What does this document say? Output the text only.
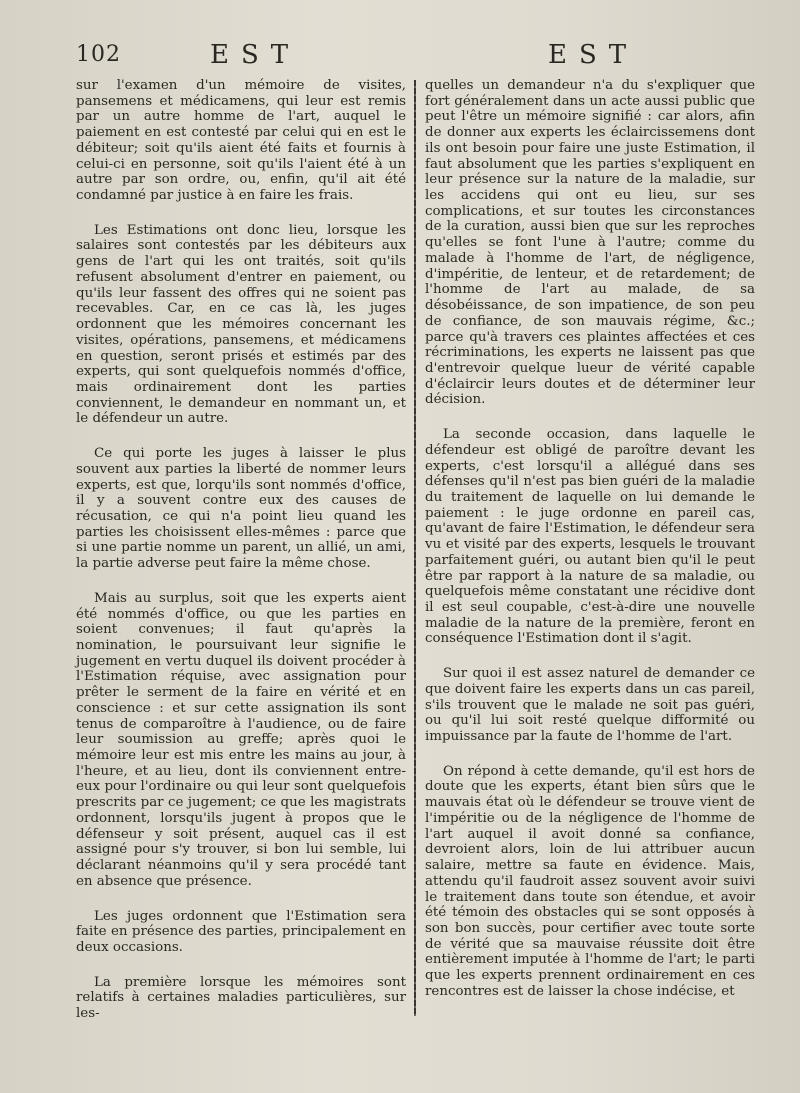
102	EST	EST

sur l'examen d'un mémoire de visites, pansemens et médicamens, qui leur est remis par un autre homme de l'art, auquel le paiement en est contesté par celui qui en est le débiteur; soit qu'ils aient été faits et fournis à celui-ci en personne, soit qu'ils l'aient été à un autre par son ordre, ou, enfin, qu'il ait été condamné par justice à en faire les frais.

Les Estimations ont donc lieu, lorsque les salaires sont contestés par les débiteurs aux gens de l'art qui les ont traités, soit qu'ils refusent absolument d'entrer en paiement, ou qu'ils leur fassent des offres qui ne soient pas recevables. Car, en ce cas là, les juges ordonnent que les mémoires concernant les visites, opérations, pansemens, et médicamens en question, seront prisés et estimés par des experts, qui sont quelquefois nommés d'office, mais ordinairement dont les parties conviennent, le demandeur en nommant un, et le défendeur un autre.

Ce qui porte les juges à laisser le plus souvent aux parties la liberté de nommer leurs experts, est que, lorqu'ils sont nommés d'office, il y a souvent contre eux des causes de récusation, ce qui n'a point lieu quand les parties les choisissent elles-mêmes : parce que si une partie nomme un parent, un allié, un ami, la partie adverse peut faire la même chose.

Mais au surplus, soit que les experts aient été nommés d'office, ou que les parties en soient convenues; il faut qu'après la nomination, le poursuivant leur signifie le jugement en vertu duquel ils doivent procéder à l'Estimation réquise, avec assignation pour prêter le serment de la faire en vérité et en conscience : et sur cette assignation ils sont tenus de comparoître à l'audience, ou de faire leur soumission au greffe; après quoi le mémoire leur est mis entre les mains au jour, à l'heure, et au lieu, dont ils conviennent entre-eux pour l'ordinaire ou qui leur sont quelquefois prescrits par ce jugement; ce que les magistrats ordonnent, lorsqu'ils jugent à propos que le défenseur y soit présent, auquel cas il est assigné pour s'y trouver, si bon lui semble, lui déclarant néanmoins qu'il y sera procédé tant en absence que présence.

Les juges ordonnent que l'Estimation sera faite en présence des parties, principalement en deux occasions.

La première lorsque les mémoires sont relatifs à certaines maladies particulières, sur les-

quelles un demandeur n'a du s'expliquer que fort généralement dans un acte aussi public que peut l'être un mémoire signifié : car alors, afin de donner aux experts les éclaircissemens dont ils ont besoin pour faire une juste Estimation, il faut absolument que les parties s'expliquent en leur présence sur la nature de la maladie, sur les accidens qui ont eu lieu, sur ses complications, et sur toutes les circonstances de la curation, aussi bien que sur les reproches qu'elles se font l'une à l'autre; comme du malade à l'homme de l'art, de négligence, d'impéritie, de lenteur, et de retardement; de l'homme de l'art au malade, de sa désobéissance, de son impatience, de son peu de confiance, de son mauvais régime, &c.; parce qu'à travers ces plaintes affectées et ces récriminations, les experts ne laissent pas que d'entrevoir quelque lueur de vérité capable d'éclaircir leurs doutes et de déterminer leur décision.

La seconde occasion, dans laquelle le défendeur est obligé de paroître devant les experts, c'est lorsqu'il a allégué dans ses défenses qu'il n'est pas bien guéri de la maladie du traitement de laquelle on lui demande le paiement : le juge ordonne en pareil cas, qu'avant de faire l'Estimation, le défendeur sera vu et visité par des experts, lesquels le trouvant parfaitement guéri, ou autant bien qu'il le peut être par rapport à la nature de sa maladie, ou quelquefois même constatant une récidive dont il est seul coupable, c'est-à-dire une nouvelle maladie de la nature de la première, feront en conséquence l'Estimation dont il s'agit.

Sur quoi il est assez naturel de demander ce que doivent faire les experts dans un cas pareil, s'ils trouvent que le malade ne soit pas guéri, ou qu'il lui soit resté quelque difformité ou impuissance par la faute de l'homme de l'art.

On répond à cette demande, qu'il est hors de doute que les experts, étant bien sûrs que le mauvais état où le défendeur se trouve vient de l'impéritie ou de la négligence de l'homme de l'art auquel il avoit donné sa confiance, devroient alors, loin de lui attribuer aucun salaire, mettre sa faute en évidence. Mais, attendu qu'il faudroit assez souvent avoir suivi le traitement dans toute son étendue, et avoir été témoin des obstacles qui se sont opposés à son bon succès, pour certifier avec toute sorte de vérité que sa mauvaise réussite doit être entièrement imputée à l'homme de l'art; le parti que les experts prennent ordinairement en ces rencontres est de laisser la chose indécise, et
